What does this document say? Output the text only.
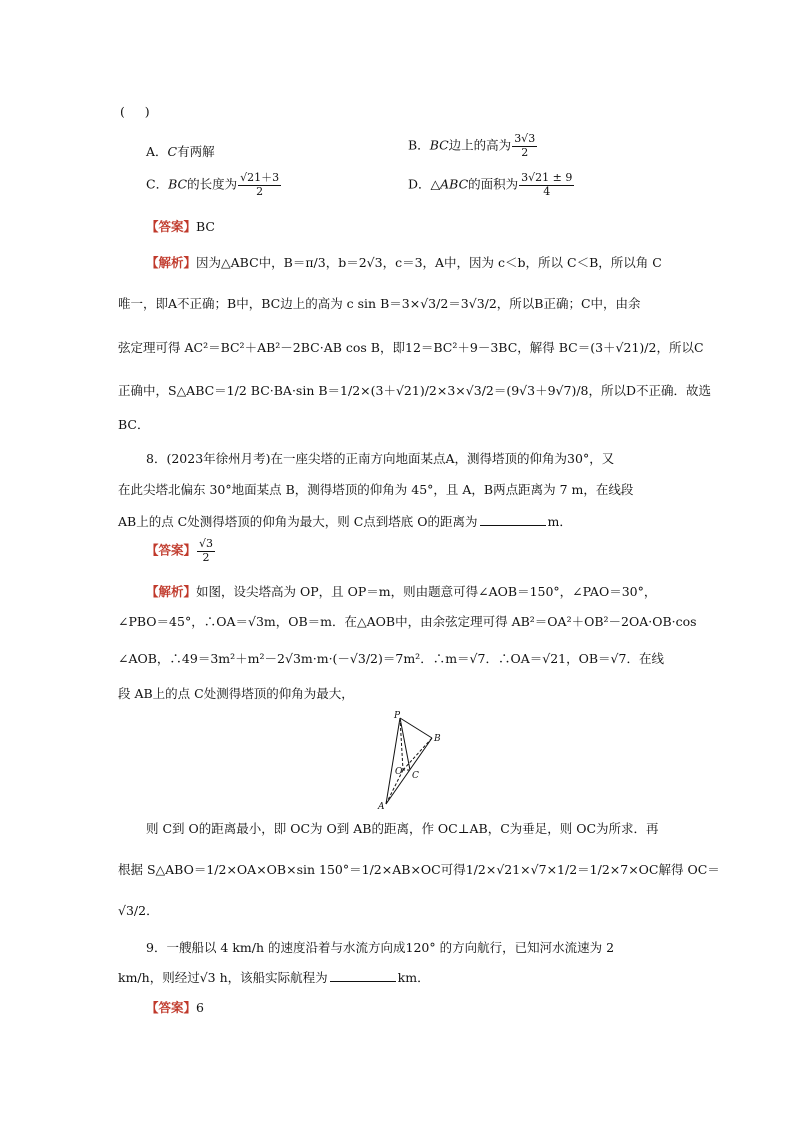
(     )
A．C有两解	B．BC边上的高为 $\frac{3√3}{2}$
C．BC的长度为 $\frac{√21+3}{2}$	D．△ABC的面积为 $\frac{3√21 \pm 9}{4}$
【答案】BC
【解析】因为△ABC中，B＝π/3，b＝2√3，c＝3，A中，因为 c＜b，所以 C＜B，所以角 C
唯一，即A不正确；B中，BC边上的高为 c sin B＝3×√3/2＝3√3/2，所以B正确；C中，由余
弦定理可得 AC²＝BC²＋AB²－2BC·AB cos B，即12＝BC²＋9－3BC，解得 BC＝(3＋√21)/2，所以C
正确中，S△ABC＝1/2 BC·BA·sin B＝1/2×(3＋√21)/2×3×√3/2＝(9√3＋9√7)/8，所以D不正确．故选
BC．
8．(2023年徐州月考)在一座尖塔的正南方向地面某点A，测得塔顶的仰角为30°，又
在此尖塔北偏东 30°地面某点 B，测得塔顶的仰角为 45°，且 A，B两点距离为 7 m，在线段
AB上的点 C处测得塔顶的仰角为最大，则 C点到塔底 O的距离为	m．
【答案】 $\frac{√3}{2}$
【解析】如图，设尖塔高为 OP，且 OP＝m，则由题意可得∠AOB＝150°，∠PAO＝30°，
∠PBO＝45°，∴OA＝√3m，OB＝m．在△AOB中，由余弦定理可得 AB²＝OA²＋OB²－2OA·OB·cos
∠AOB，∴49＝3m²＋m²－2√3m·m·(－√3/2)＝7m²．∴m＝√7．∴OA＝√21，OB＝√7．在线
段 AB上的点 C处测得塔顶的仰角为最大，
P
B
O C
A
则 C到 O的距离最小，即 OC为 O到 AB的距离，作 OC⊥AB，C为垂足，则 OC为所求．再
根据 S△ABO＝1/2×OA×OB×sin 150°＝1/2×AB×OC可得1/2×√21×√7×1/2＝1/2×7×OC解得 OC＝
√3/2．
9．一艘船以 4 km/h 的速度沿着与水流方向成120° 的方向航行，已知河水流速为 2
km/h，则经过√3 h，该船实际航程为	km．
【答案】6
